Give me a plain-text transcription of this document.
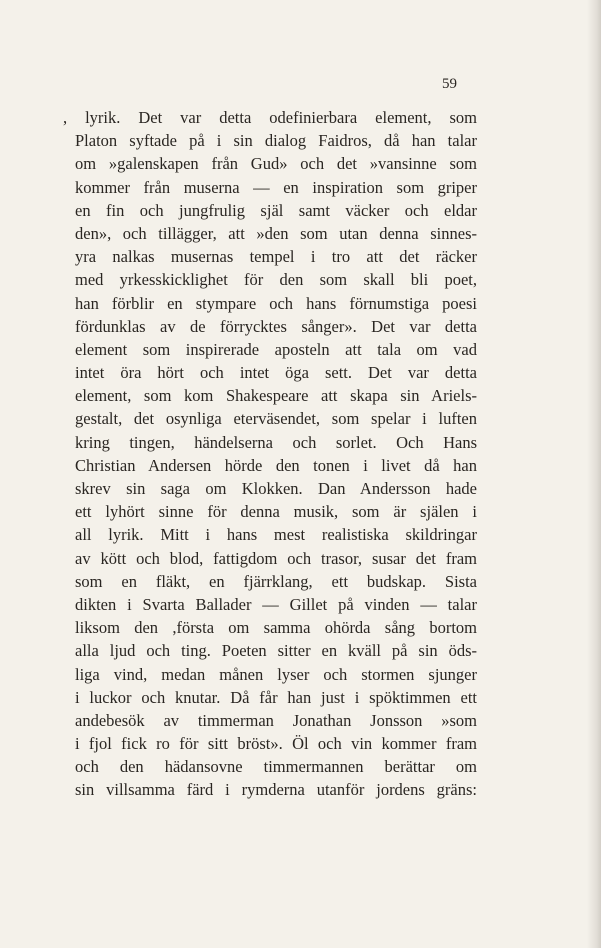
59
, lyrik. Det var detta odefinierbara element, som
Platon syftade på i sin dialog Faidros, då han talar
om »galenskapen från Gud» och det »vansinne som
kommer från muserna — en inspiration som griper
en fin och jungfrulig själ samt väcker och eldar
den», och tillägger, att »den som utan denna sinnes-
yra nalkas musernas tempel i tro att det räcker
med yrkesskicklighet för den som skall bli poet,
han förblir en stympare och hans förnumstiga poesi
fördunklas av de förrycktes sånger». Det var detta
element som inspirerade aposteln att tala om vad
intet öra hört och intet öga sett. Det var detta
element, som kom Shakespeare att skapa sin Ariels-
gestalt, det osynliga eterväsendet, som spelar i luften
kring tingen, händelserna och sorlet. Och Hans
Christian Andersen hörde den tonen i livet då han
skrev sin saga om Klokken. Dan Andersson hade
ett lyhört sinne för denna musik, som är själen i
all lyrik. Mitt i hans mest realistiska skildringar
av kött och blod, fattigdom och trasor, susar det fram
som en fläkt, en fjärrklang, ett budskap. Sista
dikten i Svarta Ballader — Gillet på vinden — talar
liksom den ,första om samma ohörda sång bortom
alla ljud och ting. Poeten sitter en kväll på sin öds-
liga vind, medan månen lyser och stormen sjunger
i luckor och knutar. Då får han just i spöktimmen ett
andebesök av timmerman Jonathan Jonsson »som
i fjol fick ro för sitt bröst». Öl och vin kommer fram
och den hädansovne timmermannen berättar om
sin villsamma färd i rymderna utanför jordens gräns:
